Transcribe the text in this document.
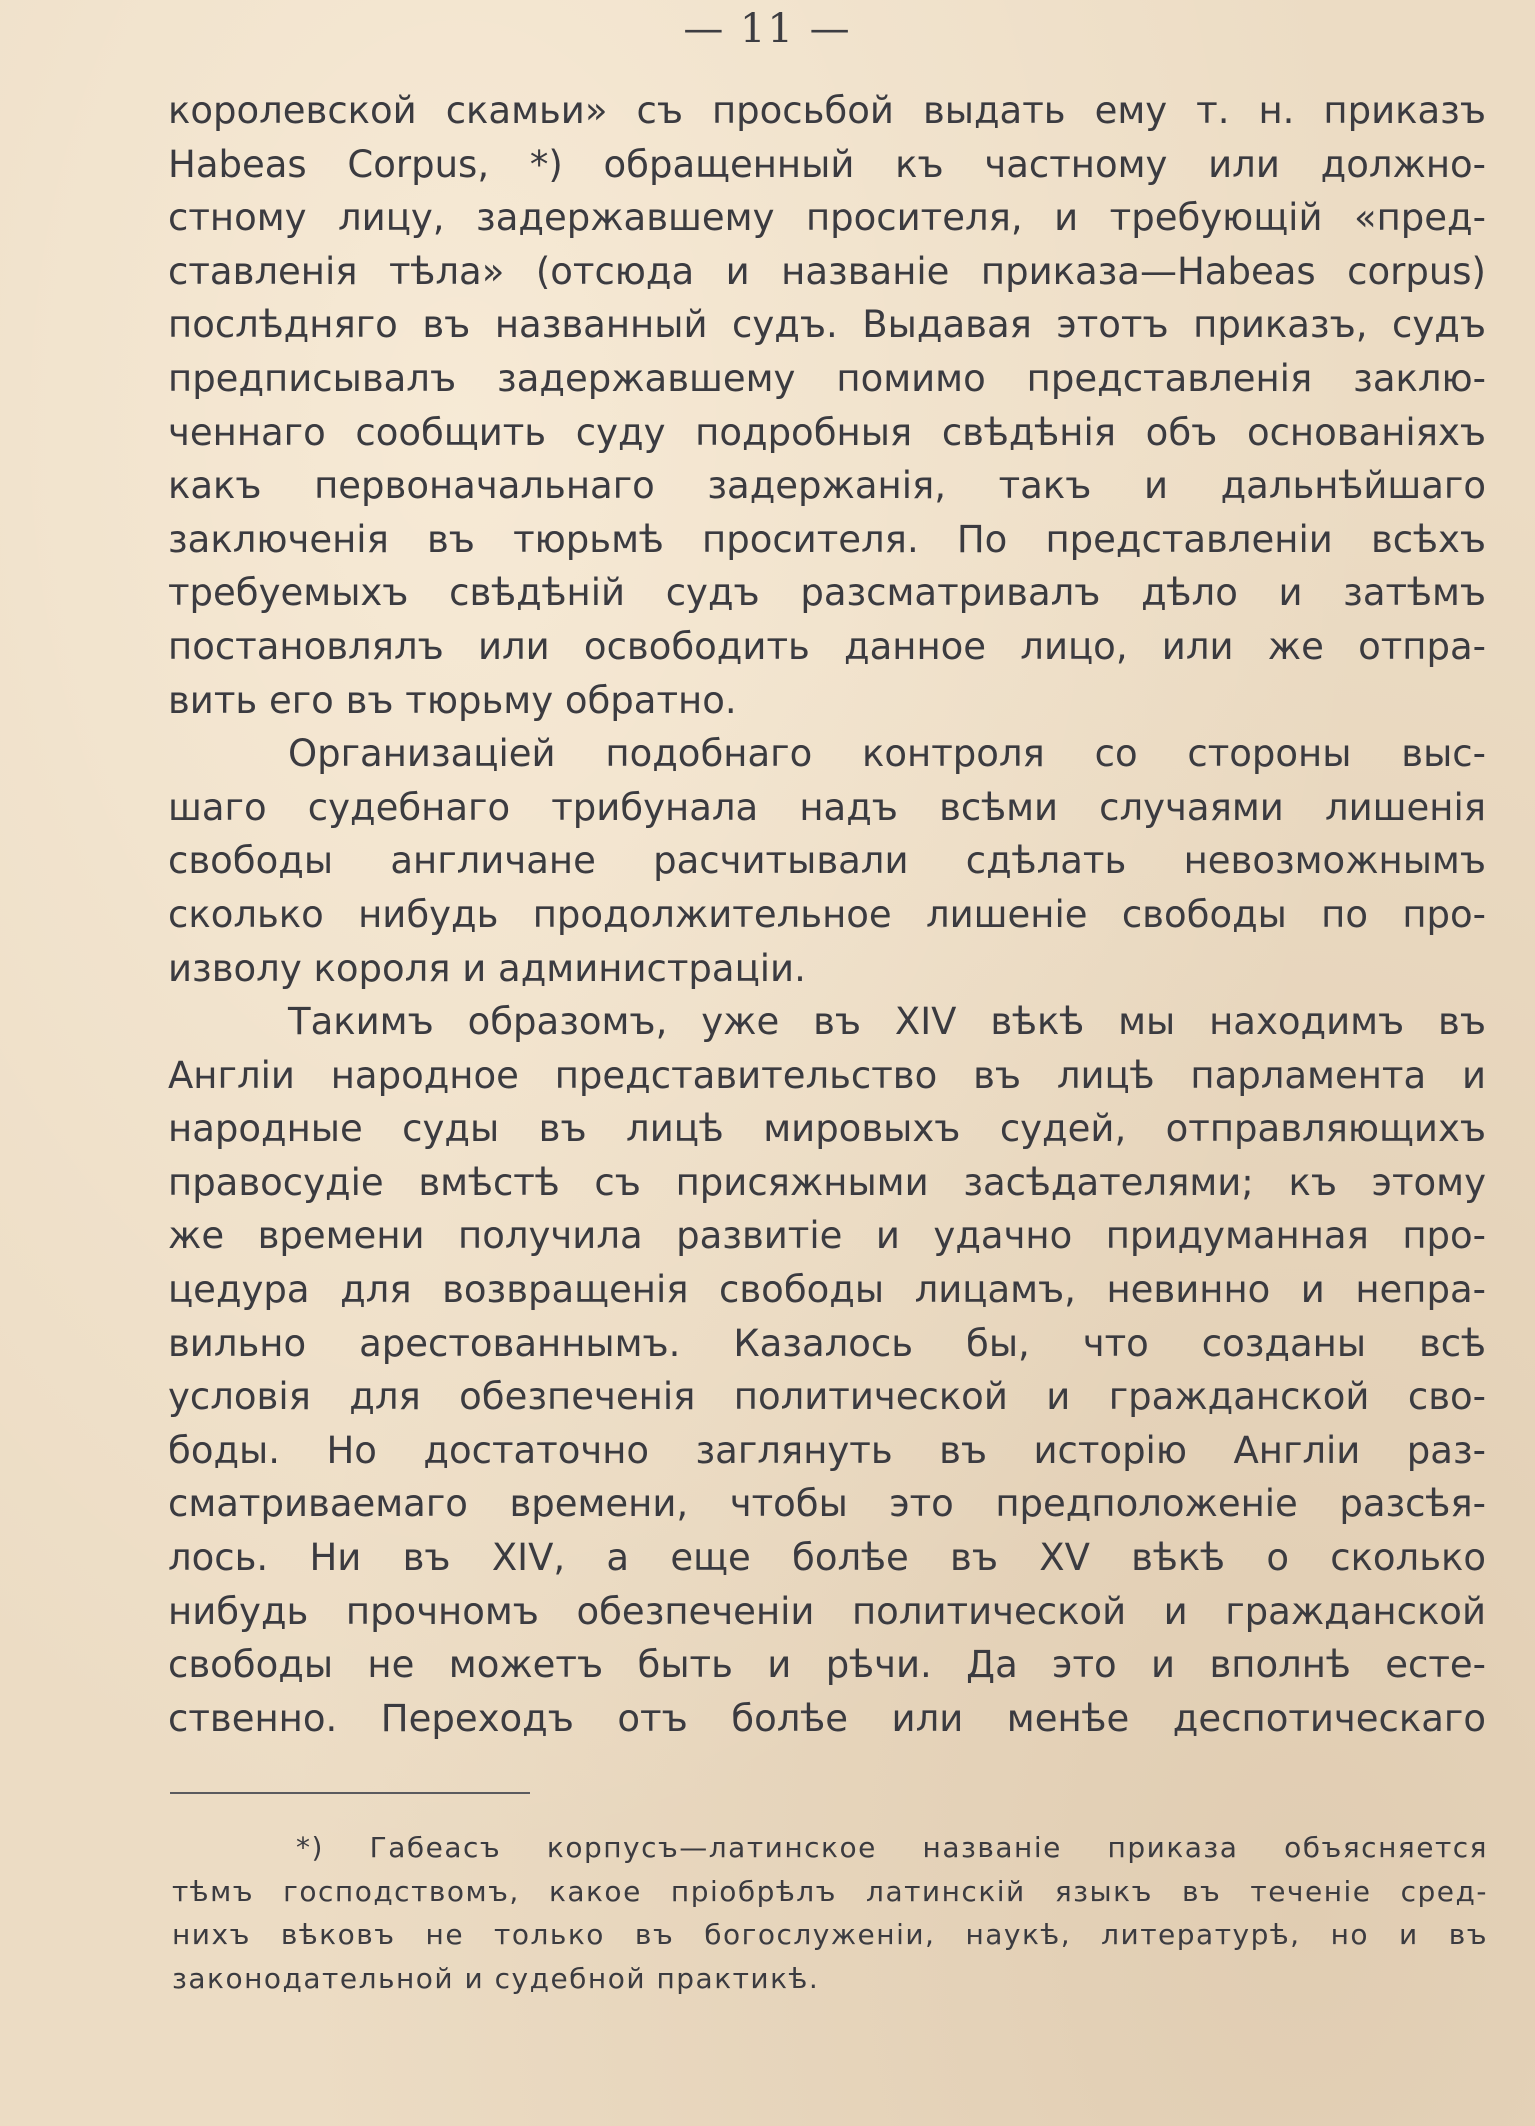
— 11 —
королевской скамьи» съ просьбой выдать ему т. н. приказъ
Habeas Corpus, *) обращенный къ частному или должно-
стному лицу, задержавшему просителя, и требующій «пред-
ставленія тѣла» (отсюда и названіе приказа—Habeas corpus)
послѣдняго въ названный судъ. Выдавая этотъ приказъ, судъ
предписывалъ задержавшему помимо представленія заклю-
ченнаго сообщить суду подробныя свѣдѣнія объ основаніяхъ
какъ первоначальнаго задержанія, такъ и дальнѣйшаго
заключенія въ тюрьмѣ просителя. По представленіи всѣхъ
требуемыхъ свѣдѣній судъ разсматривалъ дѣло и затѣмъ
постановлялъ или освободить данное лицо, или же отпра-
вить его въ тюрьму обратно.
Организаціей подобнаго контроля со стороны выс-
шаго судебнаго трибунала надъ всѣми случаями лишенія
свободы англичане расчитывали сдѣлать невозможнымъ
сколько нибудь продолжительное лишеніе свободы по про-
изволу короля и администраціи.
Такимъ образомъ, уже въ XIV вѣкѣ мы находимъ въ
Англіи народное представительство въ лицѣ парламента и
народные суды въ лицѣ мировыхъ судей, отправляющихъ
правосудіе вмѣстѣ съ присяжными засѣдателями; къ этому
же времени получила развитіе и удачно придуманная про-
цедура для возвращенія свободы лицамъ, невинно и непра-
вильно арестованнымъ. Казалось бы, что созданы всѣ
условія для обезпеченія политической и гражданской сво-
боды. Но достаточно заглянуть въ исторію Англіи раз-
сматриваемаго времени, чтобы это предположеніе разсѣя-
лось. Ни въ XIV, а еще болѣе въ XV вѣкѣ о сколько
нибудь прочномъ обезпеченіи политической и гражданской
свободы не можетъ быть и рѣчи. Да это и вполнѣ есте-
ственно. Переходъ отъ болѣе или менѣе деспотическаго
*) Габеасъ корпусъ—латинское названіе приказа объясняется
тѣмъ господствомъ, какое пріобрѣлъ латинскій языкъ въ теченіе сред-
нихъ вѣковъ не только въ богослуженіи, наукѣ, литературѣ, но и въ
законодательной и судебной практикѣ.
